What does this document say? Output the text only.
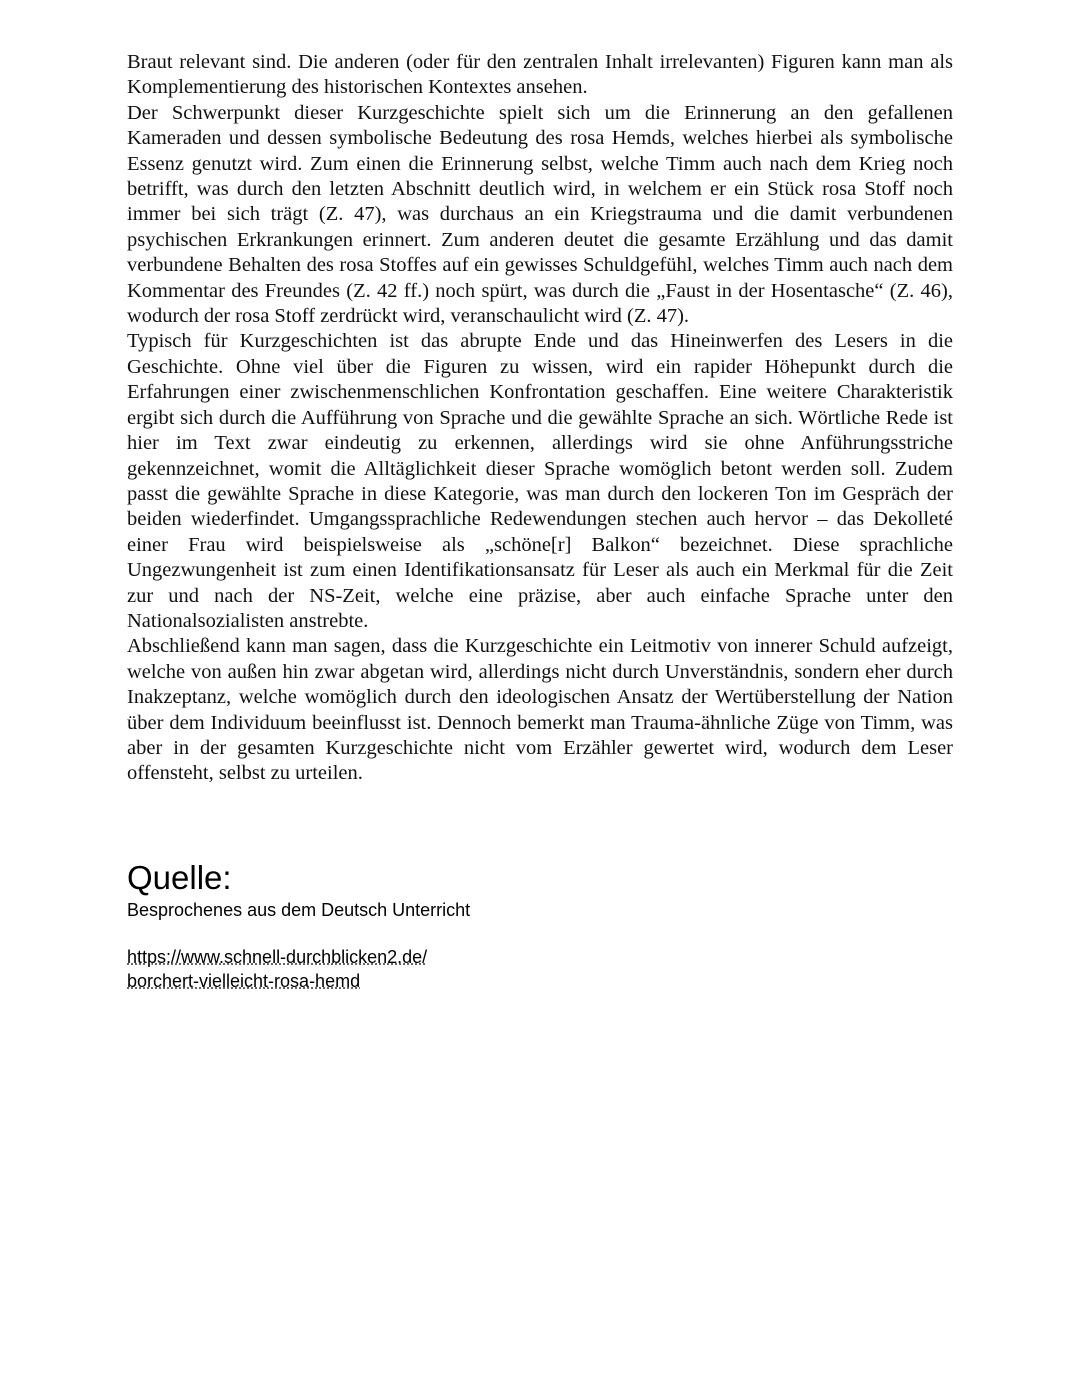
Braut relevant sind. Die anderen (oder für den zentralen Inhalt irrelevanten) Figuren kann man als Komplementierung des historischen Kontextes ansehen.

Der Schwerpunkt dieser Kurzgeschichte spielt sich um die Erinnerung an den gefallenen Kameraden und dessen symbolische Bedeutung des rosa Hemds, welches hierbei als symbolische Essenz genutzt wird. Zum einen die Erinnerung selbst, welche Timm auch nach dem Krieg noch betrifft, was durch den letzten Abschnitt deutlich wird, in welchem er ein Stück rosa Stoff noch immer bei sich trägt (Z. 47), was durchaus an ein Kriegstrauma und die damit verbundenen psychischen Erkrankungen erinnert. Zum anderen deutet die gesamte Erzählung und das damit verbundene Behalten des rosa Stoffes auf ein gewisses Schuldgefühl, welches Timm auch nach dem Kommentar des Freundes (Z. 42 ff.) noch spürt, was durch die „Faust in der Hosentasche“ (Z. 46), wodurch der rosa Stoff zerdrückt wird, veranschaulicht wird (Z. 47).

Typisch für Kurzgeschichten ist das abrupte Ende und das Hineinwerfen des Lesers in die Geschichte. Ohne viel über die Figuren zu wissen, wird ein rapider Höhepunkt durch die Erfahrungen einer zwischenmenschlichen Konfrontation geschaffen. Eine weitere Charakteristik ergibt sich durch die Aufführung von Sprache und die gewählte Sprache an sich. Wörtliche Rede ist hier im Text zwar eindeutig zu erkennen, allerdings wird sie ohne Anführungsstriche gekennzeichnet, womit die Alltäglichkeit dieser Sprache womöglich betont werden soll. Zudem passt die gewählte Sprache in diese Kategorie, was man durch den lockeren Ton im Gespräch der beiden wiederfindet. Umgangssprachliche Redewendungen stechen auch hervor – das Dekolleté einer Frau wird beispielsweise als „schöne[r] Balkon“ bezeichnet. Diese sprachliche Ungezwungenheit ist zum einen Identifikationsansatz für Leser als auch ein Merkmal für die Zeit zur und nach der NS-Zeit, welche eine präzise, aber auch einfache Sprache unter den Nationalsozialisten anstrebte.

Abschließend kann man sagen, dass die Kurzgeschichte ein Leitmotiv von innerer Schuld aufzeigt, welche von außen hin zwar abgetan wird, allerdings nicht durch Unverständnis, sondern eher durch Inakzeptanz, welche womöglich durch den ideologischen Ansatz der Wertüberstellung der Nation über dem Individuum beeinflusst ist. Dennoch bemerkt man Trauma-ähnliche Züge von Timm, was aber in der gesamten Kurzgeschichte nicht vom Erzähler gewertet wird, wodurch dem Leser offensteht, selbst zu urteilen.

Quelle:

Besprochenes aus dem Deutsch Unterricht

https://www.schnell-durchblicken2.de/
borchert-vielleicht-rosa-hemd
